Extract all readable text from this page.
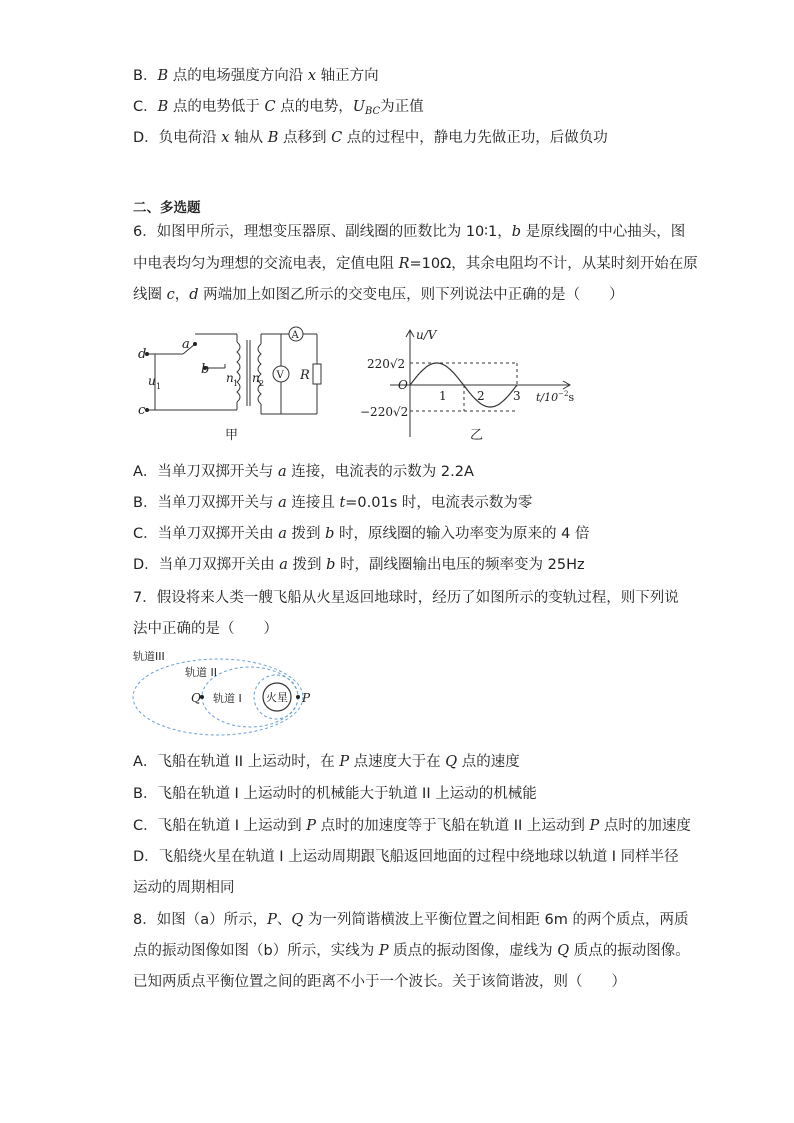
B．B 点的电场强度方向沿 x 轴正方向
C．B 点的电势低于 C 点的电势，$U_{BC}$为正值
D．负电荷沿 x 轴从 B 点移到 C 点的过程中，静电力先做正功，后做负功
二、多选题
6．如图甲所示，理想变压器原、副线圈的匝数比为 10∶1，b 是原线圈的中心抽头，图
中电表均匀为理想的交流电表，定值电阻 R=10Ω，其余电阻均不计，从某时刻开始在原
线圈 c，d 两端加上如图乙所示的交变电压，则下列说法中正确的是（　　）
d
c
a
b
u 1
n 1 n 2
R
A
V
甲
u/V
220√2
O
−220√2
1	2 3 $t/10^{-2}s$
乙
A．当单刀双掷开关与 a 连接，电流表的示数为 2.2A
B．当单刀双掷开关与 a 连接且 t=0.01s 时，电流表示数为零
C．当单刀双掷开关由 a 拨到 b 时，原线圈的输入功率变为原来的 4 倍
D．当单刀双掷开关由 a 拨到 b 时，副线圈输出电压的频率变为 25Hz
7．假设将来人类一艘飞船从火星返回地球时，经历了如图所示的变轨过程，则下列说
法中正确的是（　　）
火星
轨道III
轨道 II
轨道 I
Q	P
A．飞船在轨道 II 上运动时，在 P 点速度大于在 Q 点的速度
B．飞船在轨道 I 上运动时的机械能大于轨道 II 上运动的机械能
C．飞船在轨道 I 上运动到 P 点时的加速度等于飞船在轨道 II 上运动到 P 点时的加速度
D．飞船绕火星在轨道 I 上运动周期跟飞船返回地面的过程中绕地球以轨道 I 同样半径
运动的周期相同
8．如图（a）所示，P、Q 为一列简谐横波上平衡位置之间相距 6m 的两个质点，两质
点的振动图像如图（b）所示，实线为 P 质点的振动图像，虚线为 Q 质点的振动图像。
已知两质点平衡位置之间的距离不小于一个波长。关于该简谐波，则（　　）
